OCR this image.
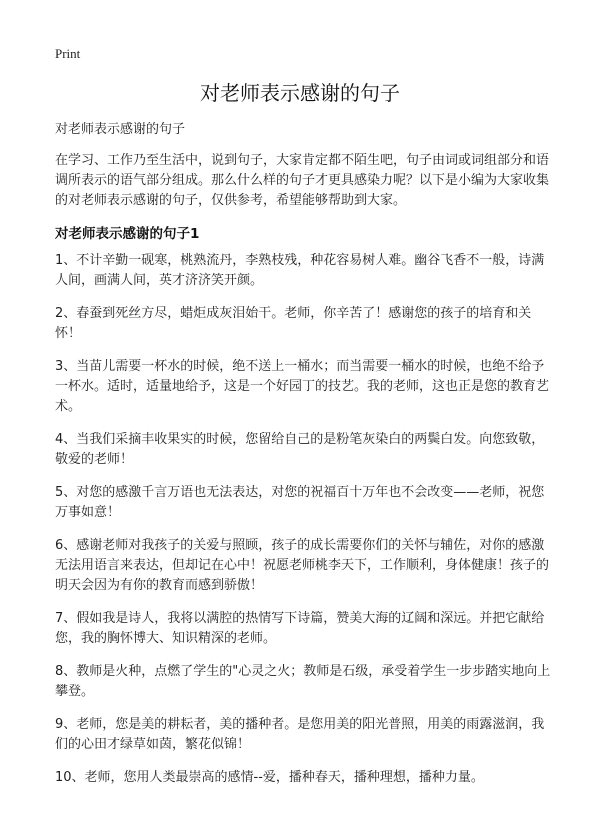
Print
对老师表示感谢的句子

对老师表示感谢的句子

在学习、工作乃至生活中，说到句子，大家肯定都不陌生吧，句子由词或词组部分和语调所表示的语气部分组成。那么什么样的句子才更具感染力呢？以下是小编为大家收集的对老师表示感谢的句子，仅供参考，希望能够帮助到大家。

对老师表示感谢的句子1

1、不计辛勤一砚寒，桃熟流丹，李熟枝残，种花容易树人难。幽谷飞香不一般，诗满人间，画满人间，英才济济笑开颜。

2、春蚕到死丝方尽，蜡炬成灰泪始干。老师，你辛苦了！感谢您的孩子的培育和关怀！

3、当苗儿需要一杯水的时候，绝不送上一桶水；而当需要一桶水的时候，也绝不给予一杯水。适时，适量地给予，这是一个好园丁的技艺。我的老师，这也正是您的教育艺术。

4、当我们采摘丰收果实的时候，您留给自己的是粉笔灰染白的两鬓白发。向您致敬，敬爱的老师！

5、对您的感激千言万语也无法表达，对您的祝福百十万年也不会改变——老师，祝您万事如意！

6、感谢老师对我孩子的关爱与照顾，孩子的成长需要你们的关怀与辅佐，对你的感激无法用语言来表达，但却记在心中！祝愿老师桃李天下，工作顺利，身体健康！孩子的明天会因为有你的教育而感到骄傲！

7、假如我是诗人，我将以满腔的热情写下诗篇，赞美大海的辽阔和深远。并把它献给您，我的胸怀博大、知识精深的老师。

8、教师是火种，点燃了学生的"心灵之火；教师是石级，承受着学生一步步踏实地向上攀登。

9、老师，您是美的耕耘者，美的播种者。是您用美的阳光普照，用美的雨露滋润，我们的心田才绿草如茵，繁花似锦！

10、老师，您用人类最崇高的感情--爱，播种春天，播种理想，播种力量。
